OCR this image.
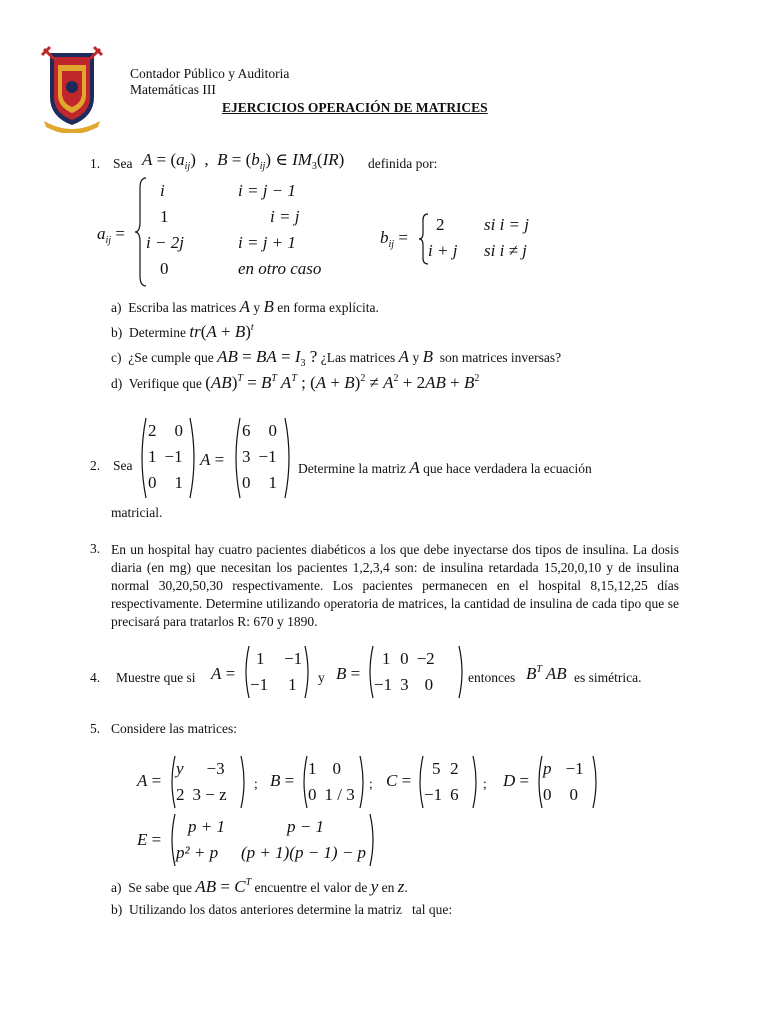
Contador Público y Auditoria
Matemáticas III
EJERCICIOS OPERACIÓN DE MATRICES
1. Sea $A = (a_{ij})$  ,  $B = (b_{ij})$ ∈ $IM_3(IR)$ definida por:
$a_{ij}$ =
i	i = j − 1
1	i = j
i − 2j	i = j + 1
0	en otro caso
$b_{ij}$ =
2	si i = j
i + j	si i ≠ j
a) Escriba las matrices A y B en forma explícita.
b) Determine $tr(A + B)^t$
c) ¿Se cumple que AB = BA = $I_3$ ? ¿Las matrices A y B son matrices inversas?
d) Verifique que $(AB)^T = B^T$ $A^T$ ; $(A + B)^2 \ne A^2 + 2AB + B^2$
2. Sea
2	0
1	−1
0	1
A =
6	0
3	−1
0	1
Determine la matriz A que hace verdadera la ecuación
matricial.
3. En un hospital hay cuatro pacientes diabéticos a los que debe inyectarse dos tipos de insulina. La dosis diaria (en mg) que necesitan los pacientes 1,2,3,4 son: de insulina retardada 15,20,0,10 y de insulina normal 30,20,50,30 respectivamente. Los pacientes permanecen en el hospital 8,15,12,25 días respectivamente. Determine utilizando operatoria de matrices, la cantidad de insulina de cada tipo que se precisará para tratarlos R: 670 y 1890.
4. Muestre que si A =
1	−1
−1	1 y B =
1	0	−2
−1	3	0	entonces $B^T$ AB es simétrica.
5. Considere las matrices:
A =
y	−3
2	3 − z
; B =
1	0
0	1 / 3
; C =
5	2
−1	6
; D =
p	−1
0	0
E =
p + 1	p − 1
p² + p	(p + 1)(p − 1) − p
a) Se sabe que AB = $C^T$ encuentre el valor de y en z.
b) Utilizando los datos anteriores determine la matriz tal que:
